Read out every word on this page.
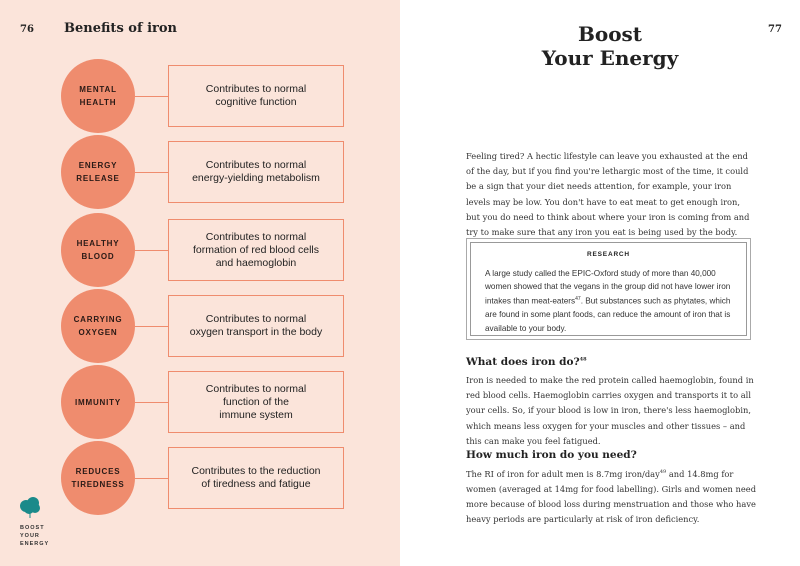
76 Benefits of iron
MENTAL
HEALTH
Contributes to normal
cognitive function
ENERGY
RELEASE
Contributes to normal
energy-yielding metabolism
HEALTHY
BLOOD
Contributes to normal
formation of red blood cells
and haemoglobin
CARRYING
OXYGEN
Contributes to normal
oxygen transport in the body
IMMUNITY
Contributes to normal
function of the
immune system
REDUCES
TIREDNESS
Contributes to the reduction
of tiredness and fatigue
BOOST
YOUR
ENERGY
77
Boost
Your Energy
Feeling tired? A hectic lifestyle can leave you exhausted at the end of the day, but if you find you're lethargic most of the time, it could be a sign that your diet needs attention, for example, your iron levels may be low. You don't have to eat meat to get enough iron, but you do need to think about where your iron is coming from and try to make sure that any iron you eat is being used by the body.
RESEARCH
A large study called the EPIC-Oxford study of more than 40,000 women showed that the vegans in the group did not have lower iron intakes than meat-eaters$^{47}$. But substances such as phytates, which are found in some plant foods, can reduce the amount of iron that is available to your body.
What does iron do?$^{48}$
Iron is needed to make the red protein called haemoglobin, found in red blood cells. Haemoglobin carries oxygen and transports it to all your cells. So, if your blood is low in iron, there's less haemoglobin, which means less oxygen for your muscles and other tissues – and this can make you feel fatigued.
How much iron do you need?
The RI of iron for adult men is 8.7mg iron/day$^{49}$ and 14.8mg for women (averaged at 14mg for food labelling). Girls and women need more because of blood loss during menstruation and those who have heavy periods are particularly at risk of iron deficiency.
